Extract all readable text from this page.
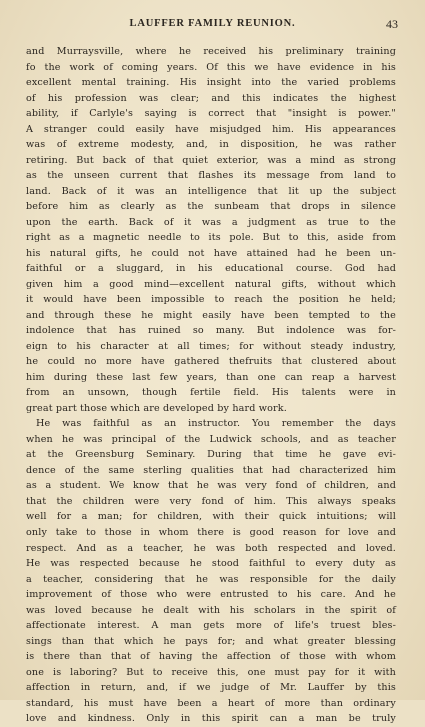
LAUFFER FAMILY REUNION.	43
and Murraysville, where he received his preliminary training
fo the work of coming years. Of this we have evidence in his
excellent mental training. His insight into the varied problems
of his profession was clear; and this indicates the highest
ability, if Carlyle's saying is correct that "insight is power."
A stranger could easily have misjudged him. His appearances
was of extreme modesty, and, in disposition, he was rather
retiring. But back of that quiet exterior, was a mind as strong
as the unseen current that flashes its message from land to
land. Back of it was an intelligence that lit up the subject
before him as clearly as the sunbeam that drops in silence
upon the earth. Back of it was a judgment as true to the
right as a magnetic needle to its pole. But to this, aside from
his natural gifts, he could not have attained had he been un-
faithful or a sluggard, in his educational course. God had
given him a good mind—excellent natural gifts, without which
it would have been impossible to reach the position he held;
and through these he might easily have been tempted to the
indolence that has ruined so many. But indolence was for-
eign to his character at all times; for without steady industry,
he could no more have gathered thefruits that clustered about
him during these last few years, than one can reap a harvest
from an unsown, though fertile field. His talents were in
great part those which are developed by hard work.
He was faithful as an instructor. You remember the days
when he was principal of the Ludwick schools, and as teacher
at the Greensburg Seminary. During that time he gave evi-
dence of the same sterling qualities that had characterized him
as a student. We know that he was very fond of children, and
that the children were very fond of him. This always speaks
well for a man; for children, with their quick intuitions; will
only take to those in whom there is good reason for love and
respect. And as a teacher, he was both respected and loved.
He was respected because he stood faithful to every duty as
a teacher, considering that he was responsible for the daily
improvement of those who were entrusted to his care. And he
was loved because he dealt with his scholars in the spirit of
affectionate interest. A man gets more of life's truest bles-
sings than that which he pays for; and what greater blessing
is there than that of having the affection of those with whom
one is laboring? But to receive this, one must pay for it with
affection in return, and, if we judge of Mr. Lauffer by this
standard, his must have been a heart of more than ordinary
love and kindness. Only in this spirit can a man be truly
